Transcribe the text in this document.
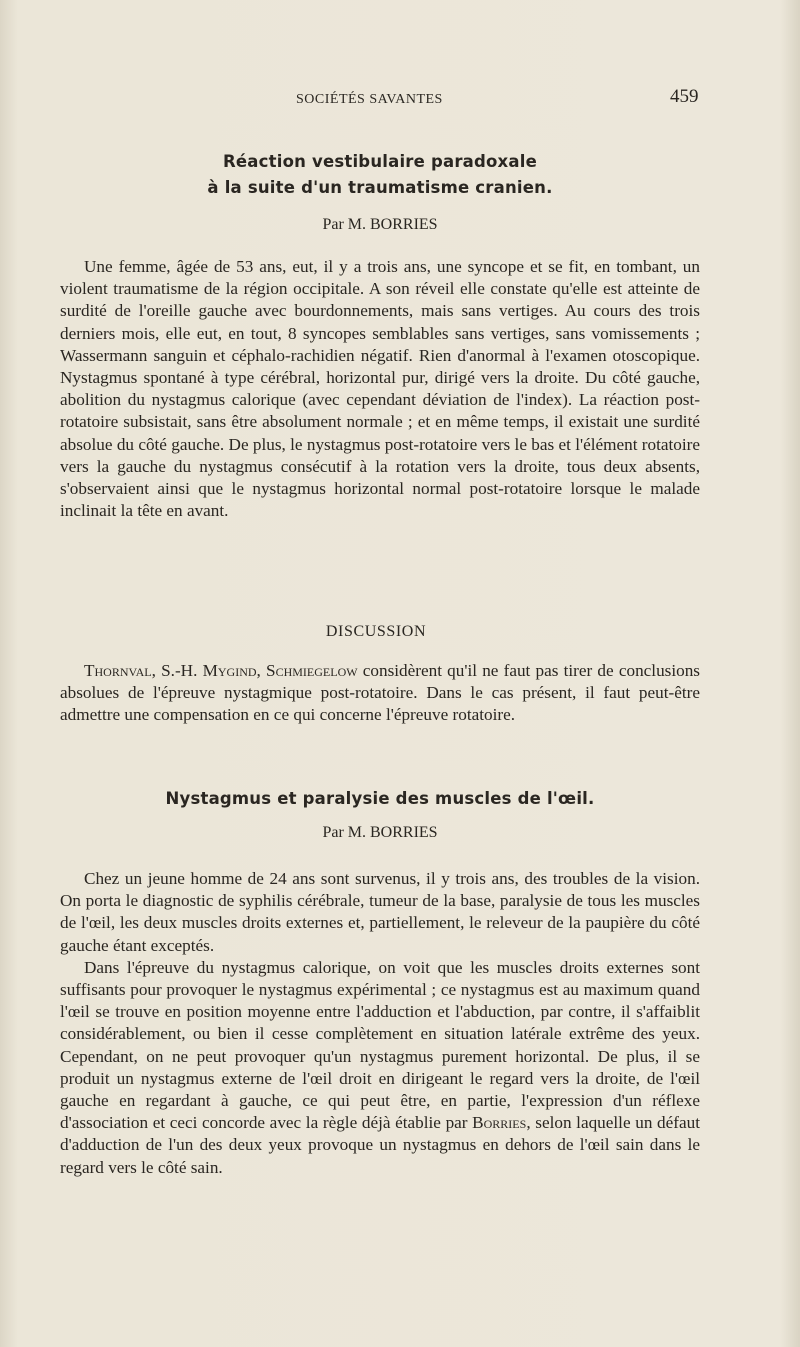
SOCIÉTÉS SAVANTES	459
Réaction vestibulaire paradoxale
à la suite d'un traumatisme cranien.
Par M. BORRIES

Une femme, âgée de 53 ans, eut, il y a trois ans, une syncope et se fit, en tombant, un violent traumatisme de la région occipitale. A son réveil elle constate qu'elle est atteinte de surdité de l'oreille gauche avec bourdonnements, mais sans vertiges. Au cours des trois derniers mois, elle eut, en tout, 8 syncopes semblables sans vertiges, sans vomissements ; Wassermann sanguin et céphalo-rachidien négatif. Rien d'anormal à l'examen otoscopique. Nystagmus spontané à type cérébral, horizontal pur, dirigé vers la droite. Du côté gauche, abolition du nystagmus calorique (avec cependant déviation de l'index). La réaction post-rotatoire subsistait, sans être absolument normale ; et en même temps, il existait une surdité absolue du côté gauche. De plus, le nystagmus post-rotatoire vers le bas et l'élément rotatoire vers la gauche du nystagmus consécutif à la rotation vers la droite, tous deux absents, s'observaient ainsi que le nystagmus horizontal normal post-rotatoire lorsque le malade inclinait la tête en avant.

DISCUSSION

Thornval, S.-H. Mygind, Schmiegelow considèrent qu'il ne faut pas tirer de conclusions absolues de l'épreuve nystagmique post-rotatoire. Dans le cas présent, il faut peut-être admettre une compensation en ce qui concerne l'épreuve rotatoire.

Nystagmus et paralysie des muscles de l'œil.
Par M. BORRIES

Chez un jeune homme de 24 ans sont survenus, il y trois ans, des troubles de la vision. On porta le diagnostic de syphilis cérébrale, tumeur de la base, paralysie de tous les muscles de l'œil, les deux muscles droits externes et, partiellement, le releveur de la paupière du côté gauche étant exceptés.

Dans l'épreuve du nystagmus calorique, on voit que les muscles droits externes sont suffisants pour provoquer le nystagmus expérimental ; ce nystagmus est au maximum quand l'œil se trouve en position moyenne entre l'adduction et l'abduction, par contre, il s'affaiblit considérablement, ou bien il cesse complètement en situation latérale extrême des yeux. Cependant, on ne peut provoquer qu'un nystagmus purement horizontal. De plus, il se produit un nystagmus externe de l'œil droit en dirigeant le regard vers la droite, de l'œil gauche en regardant à gauche, ce qui peut être, en partie, l'expression d'un réflexe d'association et ceci concorde avec la règle déjà établie par Borries, selon laquelle un défaut d'adduction de l'un des deux yeux provoque un nystagmus en dehors de l'œil sain dans le regard vers le côté sain.
